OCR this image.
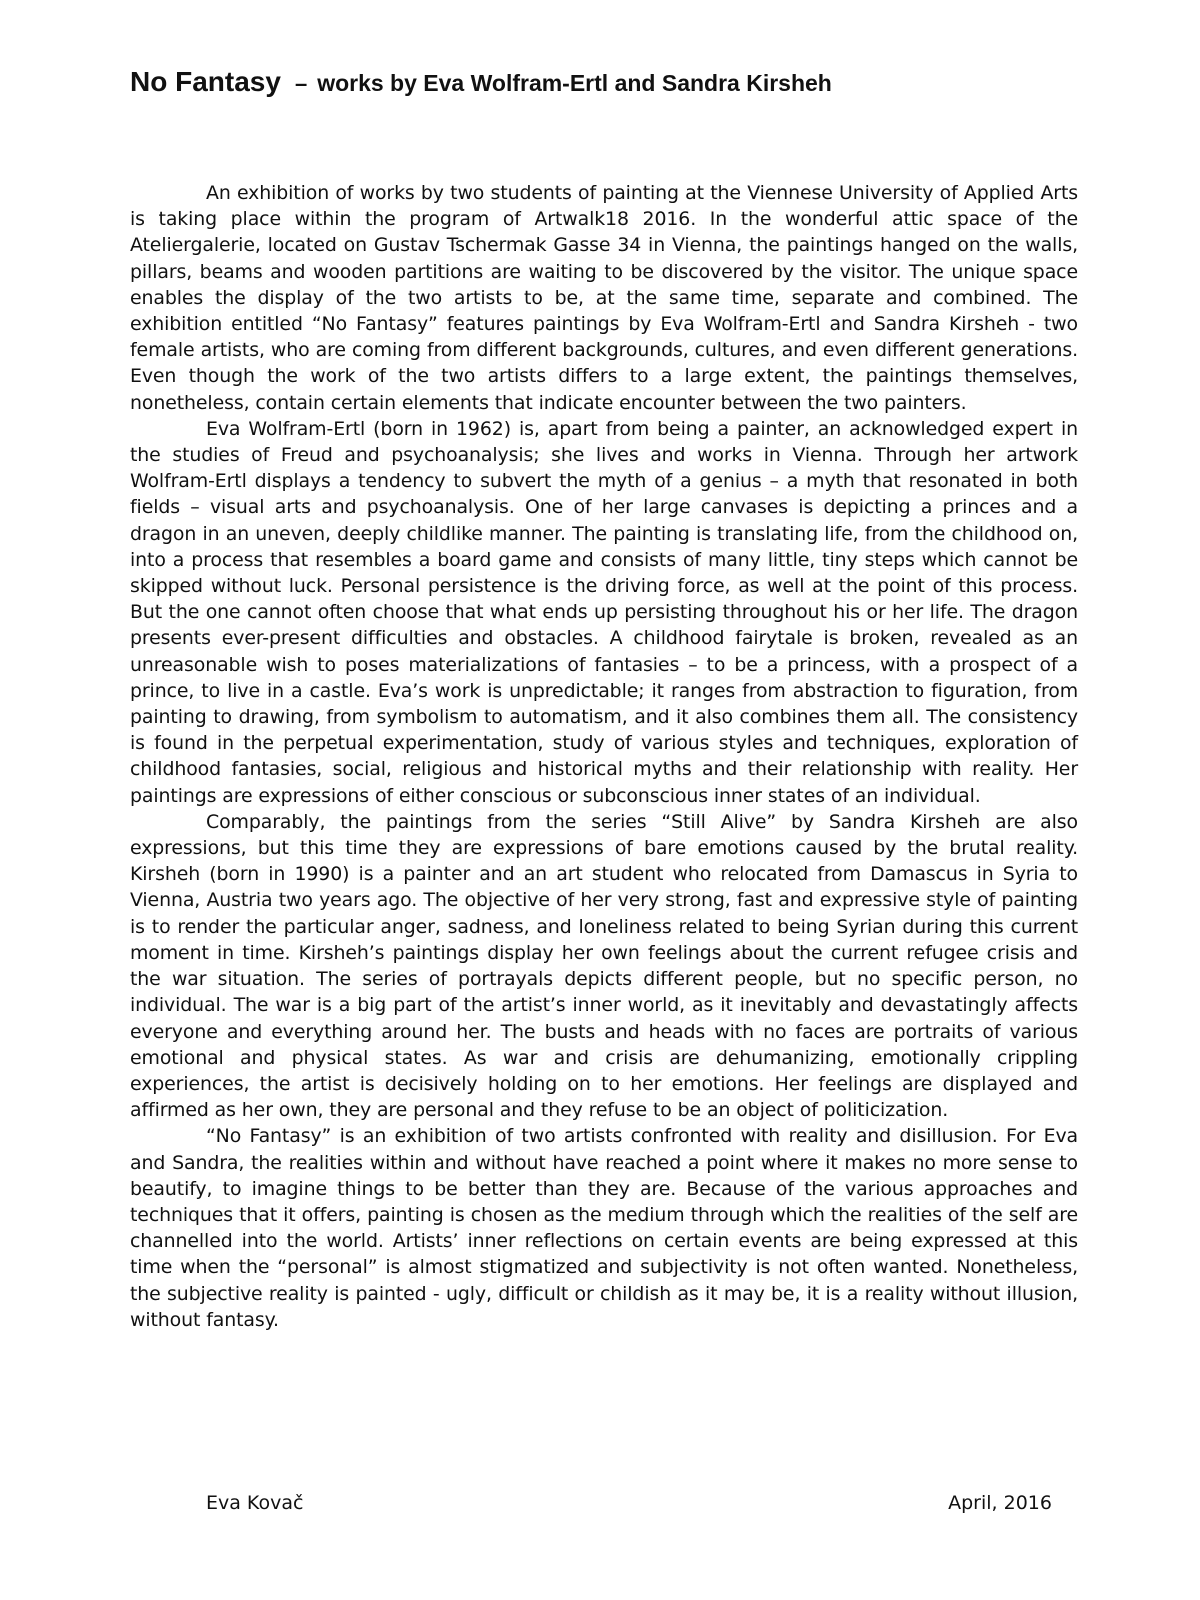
No Fantasy – works by Eva Wolfram-Ertl and Sandra Kirsheh

An exhibition of works by two students of painting at the Viennese University of Applied Arts is taking place within the program of Artwalk18 2016. In the wonderful attic space of the Ateliergalerie, located on Gustav Tschermak Gasse 34 in Vienna, the paintings hanged on the walls, pillars, beams and wooden partitions are waiting to be discovered by the visitor. The unique space enables the display of the two artists to be, at the same time, separate and combined. The exhibition entitled “No Fantasy” features paintings by Eva Wolfram-Ertl and Sandra Kirsheh - two female artists, who are coming from different backgrounds, cultures, and even different generations. Even though the work of the two artists differs to a large extent, the paintings themselves, nonetheless, contain certain elements that indicate encounter between the two painters.

Eva Wolfram-Ertl (born in 1962) is, apart from being a painter, an acknowledged expert in the studies of Freud and psychoanalysis; she lives and works in Vienna. Through her artwork Wolfram-Ertl displays a tendency to subvert the myth of a genius – a myth that resonated in both fields – visual arts and psychoanalysis. One of her large canvases is depicting a princes and a dragon in an uneven, deeply childlike manner. The painting is translating life, from the childhood on, into a process that resembles a board game and consists of many little, tiny steps which cannot be skipped without luck. Personal persistence is the driving force, as well at the point of this process. But the one cannot often choose that what ends up persisting throughout his or her life. The dragon presents ever-present difficulties and obstacles. A childhood fairytale is broken, revealed as an unreasonable wish to poses materializations of fantasies – to be a princess, with a prospect of a prince, to live in a castle. Eva’s work is unpredictable; it ranges from abstraction to figuration, from painting to drawing, from symbolism to automatism, and it also combines them all. The consistency is found in the perpetual experimentation, study of various styles and techniques, exploration of childhood fantasies, social, religious and historical myths and their relationship with reality. Her paintings are expressions of either conscious or subconscious inner states of an individual.

Comparably, the paintings from the series “Still Alive” by Sandra Kirsheh are also expressions, but this time they are expressions of bare emotions caused by the brutal reality. Kirsheh (born in 1990) is a painter and an art student who relocated from Damascus in Syria to Vienna, Austria two years ago. The objective of her very strong, fast and expressive style of painting is to render the particular anger, sadness, and loneliness related to being Syrian during this current moment in time. Kirsheh’s paintings display her own feelings about the current refugee crisis and the war situation. The series of portrayals depicts different people, but no specific person, no individual. The war is a big part of the artist’s inner world, as it inevitably and devastatingly affects everyone and everything around her. The busts and heads with no faces are portraits of various emotional and physical states. As war and crisis are dehumanizing, emotionally crippling experiences, the artist is decisively holding on to her emotions. Her feelings are displayed and affirmed as her own, they are personal and they refuse to be an object of politicization.

“No Fantasy” is an exhibition of two artists confronted with reality and disillusion. For Eva and Sandra, the realities within and without have reached a point where it makes no more sense to beautify, to imagine things to be better than they are. Because of the various approaches and techniques that it offers, painting is chosen as the medium through which the realities of the self are channelled into the world. Artists’ inner reflections on certain events are being expressed at this time when the “personal” is almost stigmatized and subjectivity is not often wanted. Nonetheless, the subjective reality is painted - ugly, difficult or childish as it may be, it is a reality without illusion, without fantasy.

Eva Kovač	April, 2016
